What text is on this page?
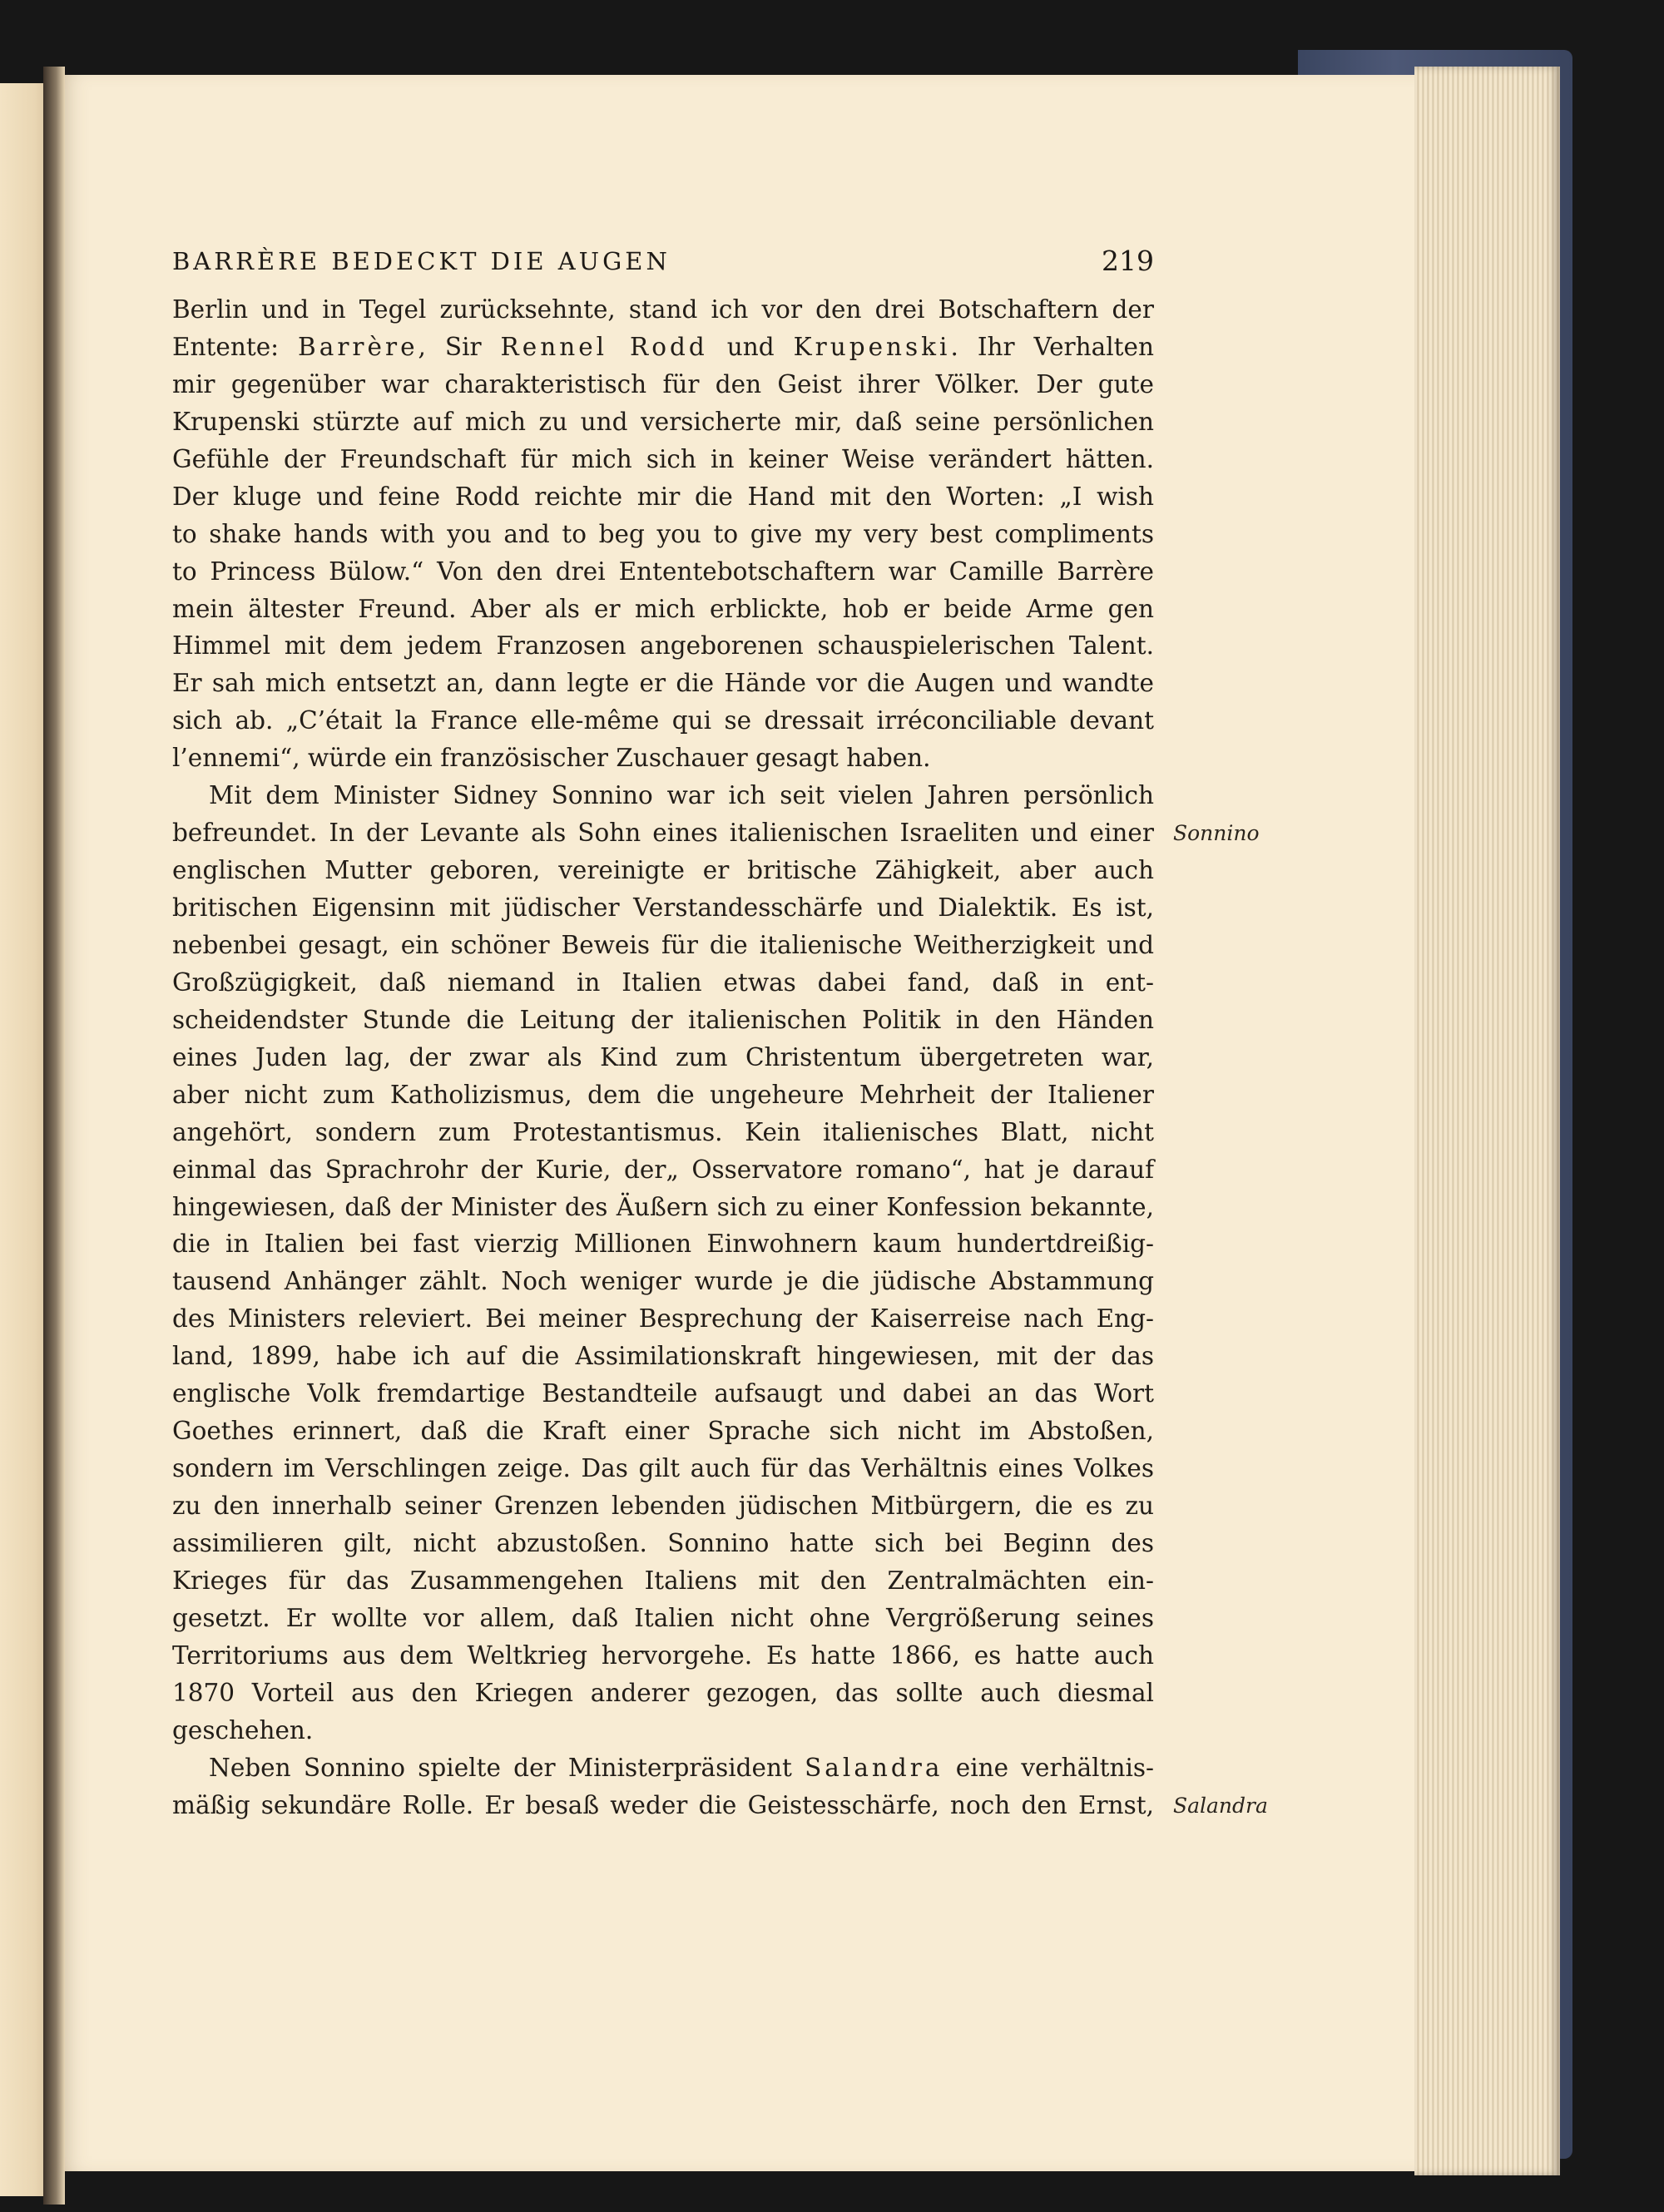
BARRÈRE BEDECKT DIE AUGEN	219
Berlin und in Tegel zurücksehnte, stand ich vor den drei Botschaftern der
Entente: Barrère, Sir Rennel Rodd und Krupenski. Ihr Verhalten
mir gegenüber war charakteristisch für den Geist ihrer Völker. Der gute
Krupenski stürzte auf mich zu und versicherte mir, daß seine persönlichen
Gefühle der Freundschaft für mich sich in keiner Weise verändert hätten.
Der kluge und feine Rodd reichte mir die Hand mit den Worten: „I wish
to shake hands with you and to beg you to give my very best compliments
to Princess Bülow.“ Von den drei Ententebotschaftern war Camille Barrère
mein ältester Freund. Aber als er mich erblickte, hob er beide Arme gen
Himmel mit dem jedem Franzosen angeborenen schauspielerischen Talent.
Er sah mich entsetzt an, dann legte er die Hände vor die Augen und wandte
sich ab. „C’était la France elle-même qui se dressait irréconciliable devant
l’ennemi“, würde ein französischer Zuschauer gesagt haben.
Mit dem Minister Sidney Sonnino war ich seit vielen Jahren persönlich
befreundet. In der Levante als Sohn eines italienischen Israeliten und einer
englischen Mutter geboren, vereinigte er britische Zähigkeit, aber auch
britischen Eigensinn mit jüdischer Verstandesschärfe und Dialektik. Es ist,
nebenbei gesagt, ein schöner Beweis für die italienische Weitherzigkeit und
Großzügigkeit, daß niemand in Italien etwas dabei fand, daß in ent-
scheidendster Stunde die Leitung der italienischen Politik in den Händen
eines Juden lag, der zwar als Kind zum Christentum übergetreten war,
aber nicht zum Katholizismus, dem die ungeheure Mehrheit der Italiener
angehört, sondern zum Protestantismus. Kein italienisches Blatt, nicht
einmal das Sprachrohr der Kurie, der„ Osservatore romano“, hat je darauf
hingewiesen, daß der Minister des Äußern sich zu einer Konfession bekannte,
die in Italien bei fast vierzig Millionen Einwohnern kaum hundertdreißig-
tausend Anhänger zählt. Noch weniger wurde je die jüdische Abstammung
des Ministers releviert. Bei meiner Besprechung der Kaiserreise nach Eng-
land, 1899, habe ich auf die Assimilationskraft hingewiesen, mit der das
englische Volk fremdartige Bestandteile aufsaugt und dabei an das Wort
Goethes erinnert, daß die Kraft einer Sprache sich nicht im Abstoßen,
sondern im Verschlingen zeige. Das gilt auch für das Verhältnis eines Volkes
zu den innerhalb seiner Grenzen lebenden jüdischen Mitbürgern, die es zu
assimilieren gilt, nicht abzustoßen. Sonnino hatte sich bei Beginn des
Krieges für das Zusammengehen Italiens mit den Zentralmächten ein-
gesetzt. Er wollte vor allem, daß Italien nicht ohne Vergrößerung seines
Territoriums aus dem Weltkrieg hervorgehe. Es hatte 1866, es hatte auch
1870 Vorteil aus den Kriegen anderer gezogen, das sollte auch diesmal
geschehen.
Neben Sonnino spielte der Ministerpräsident Salandra eine verhältnis-
mäßig sekundäre Rolle. Er besaß weder die Geistesschärfe, noch den Ernst,
Sonnino
Salandra
